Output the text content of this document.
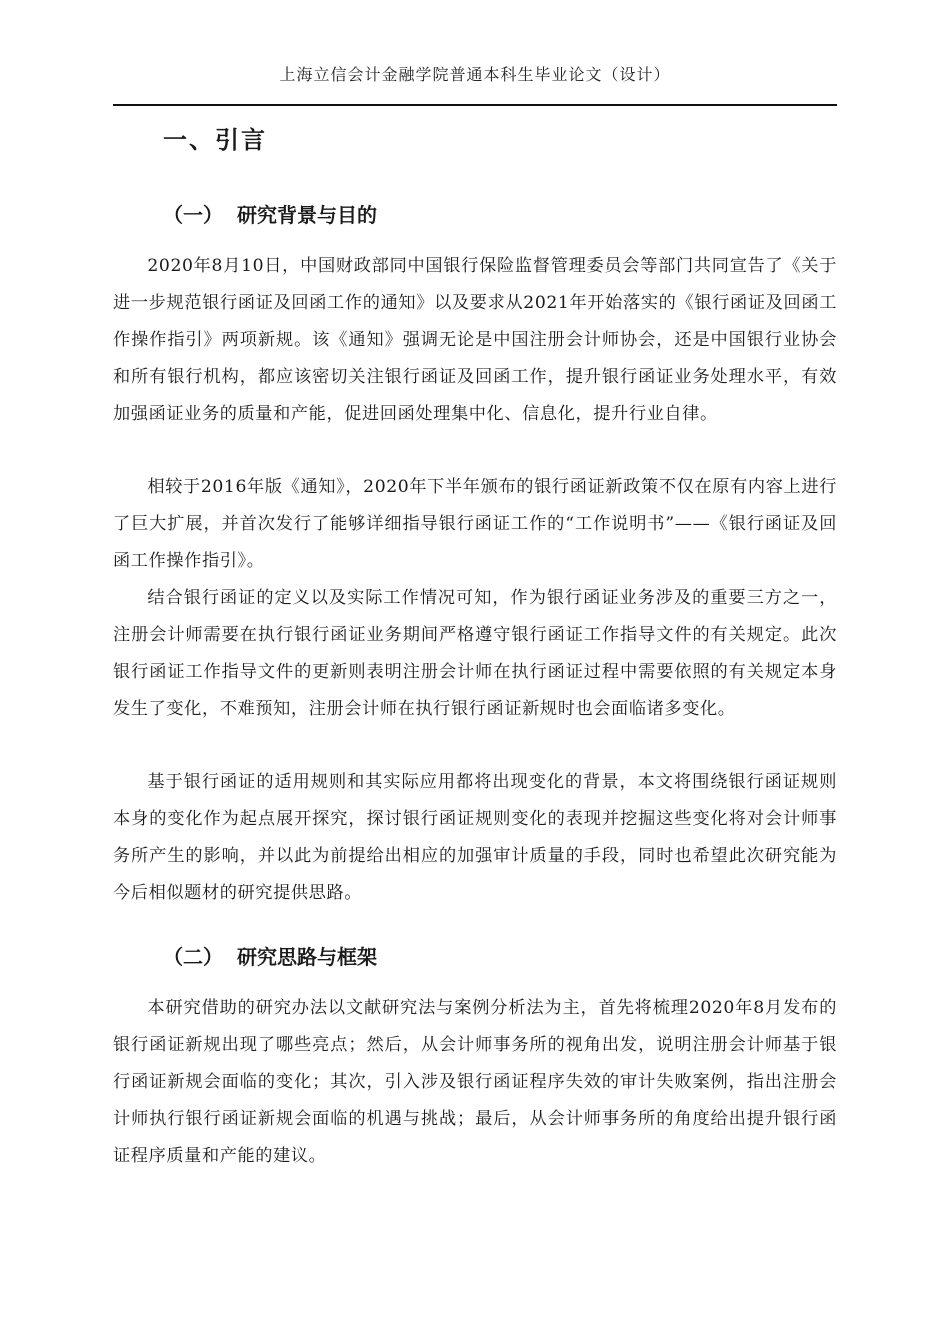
上海立信会计金融学院普通本科生毕业论文（设计）
一、引言
（一） 研究背景与目的

2020年8月10日，中国财政部同中国银行保险监督管理委员会等部门共同宣告了《关于进一步规范银行函证及回函工作的通知》以及要求从2021年开始落实的《银行函证及回函工作操作指引》两项新规。该《通知》强调无论是中国注册会计师协会，还是中国银行业协会和所有银行机构，都应该密切关注银行函证及回函工作，提升银行函证业务处理水平，有效加强函证业务的质量和产能，促进回函处理集中化、信息化，提升行业自律。

相较于2016年版《通知》，2020年下半年颁布的银行函证新政策不仅在原有内容上进行了巨大扩展，并首次发行了能够详细指导银行函证工作的“工作说明书”——《银行函证及回函工作操作指引》。

结合银行函证的定义以及实际工作情况可知，作为银行函证业务涉及的重要三方之一，注册会计师需要在执行银行函证业务期间严格遵守银行函证工作指导文件的有关规定。此次银行函证工作指导文件的更新则表明注册会计师在执行函证过程中需要依照的有关规定本身发生了变化，不难预知，注册会计师在执行银行函证新规时也会面临诸多变化。

基于银行函证的适用规则和其实际应用都将出现变化的背景，本文将围绕银行函证规则本身的变化作为起点展开探究，探讨银行函证规则变化的表现并挖掘这些变化将对会计师事务所产生的影响，并以此为前提给出相应的加强审计质量的手段，同时也希望此次研究能为今后相似题材的研究提供思路。

（二） 研究思路与框架

本研究借助的研究办法以文献研究法与案例分析法为主，首先将梳理2020年8月发布的银行函证新规出现了哪些亮点；然后，从会计师事务所的视角出发，说明注册会计师基于银行函证新规会面临的变化；其次，引入涉及银行函证程序失效的审计失败案例，指出注册会计师执行银行函证新规会面临的机遇与挑战；最后，从会计师事务所的角度给出提升银行函证程序质量和产能的建议。
